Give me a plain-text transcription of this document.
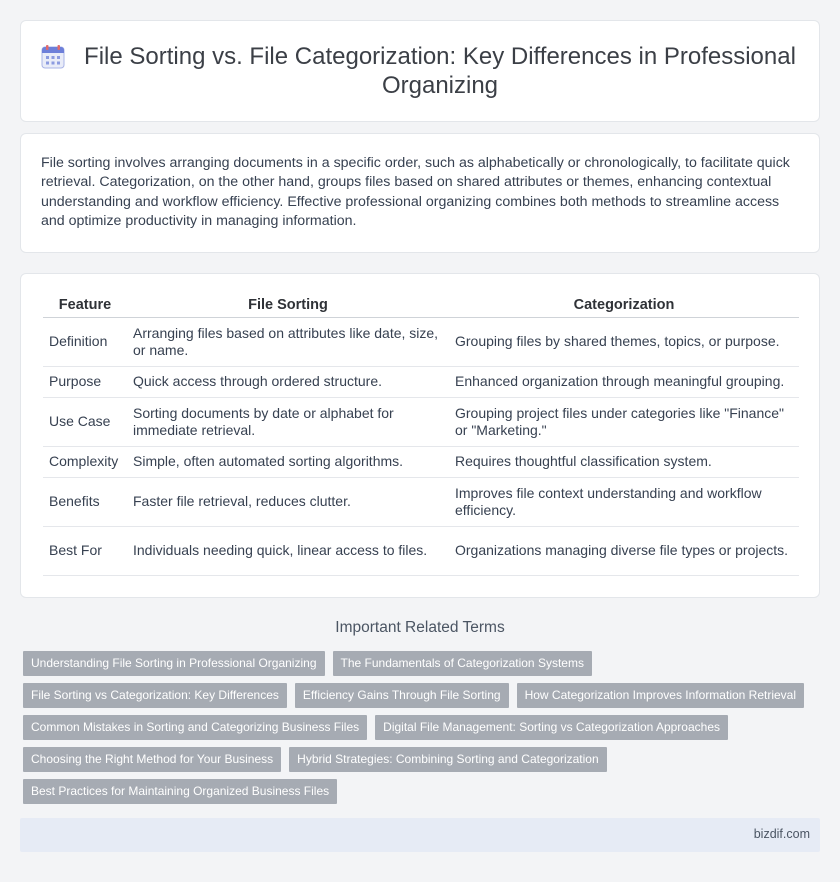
File Sorting vs. File Categorization: Key Differences in Professional Organizing

File sorting involves arranging documents in a specific order, such as alphabetically or chronologically, to facilitate quick retrieval. Categorization, on the other hand, groups files based on shared attributes or themes, enhancing contextual understanding and workflow efficiency. Effective professional organizing combines both methods to streamline access and optimize productivity in managing information.

Feature	File Sorting	Categorization
Definition	Arranging files based on attributes like date, size, or name.	Grouping files by shared themes, topics, or purpose.
Purpose	Quick access through ordered structure.	Enhanced organization through meaningful grouping.
Use Case	Sorting documents by date or alphabet for immediate retrieval.	Grouping project files under categories like "Finance" or "Marketing."
Complexity	Simple, often automated sorting algorithms.	Requires thoughtful classification system.
Benefits	Faster file retrieval, reduces clutter.	Improves file context understanding and workflow efficiency.
Best For	Individuals needing quick, linear access to files.	Organizations managing diverse file types or projects.
Important Related Terms
Understanding File Sorting in Professional Organizing	The Fundamentals of Categorization Systems
File Sorting vs Categorization: Key Differences	Efficiency Gains Through File Sorting	How Categorization Improves Information Retrieval
Common Mistakes in Sorting and Categorizing Business Files	Digital File Management: Sorting vs Categorization Approaches
Choosing the Right Method for Your Business	Hybrid Strategies: Combining Sorting and Categorization
Best Practices for Maintaining Organized Business Files
bizdif.com
